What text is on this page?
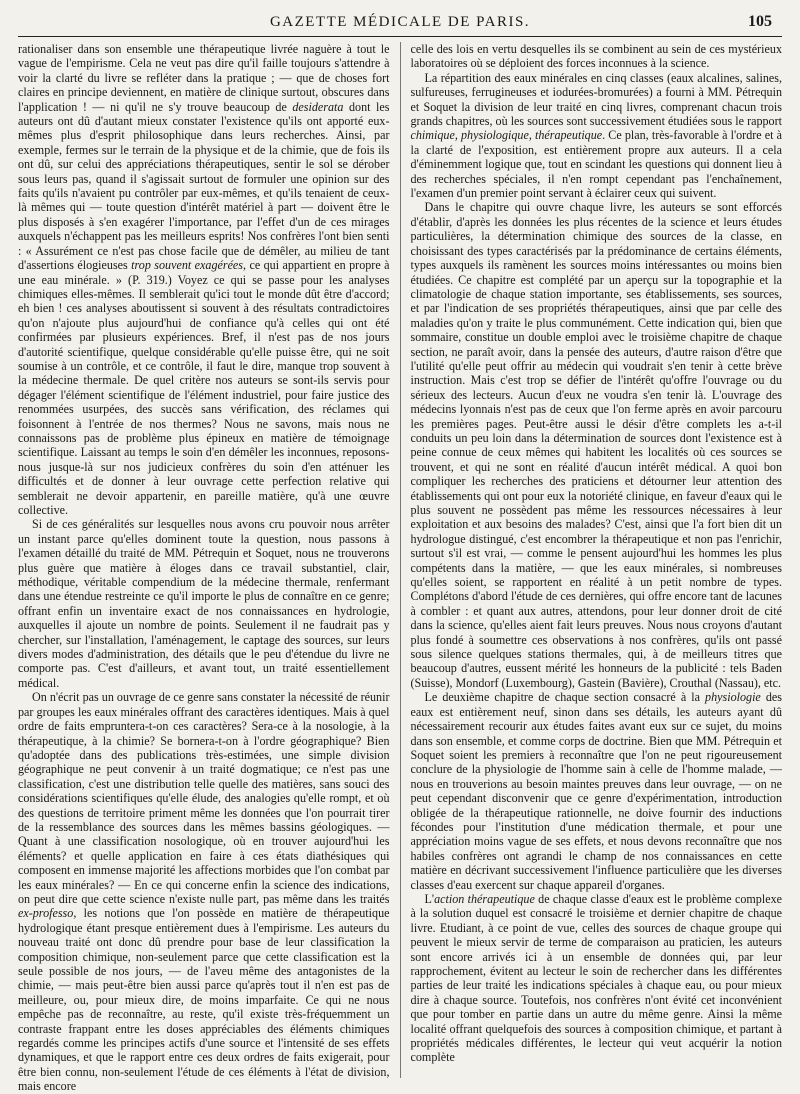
GAZETTE MÉDICALE DE PARIS.	105

rationaliser dans son ensemble une thérapeutique livrée naguère à tout le vague de l'empirisme. Cela ne veut pas dire qu'il faille toujours s'attendre à voir la clarté du livre se refléter dans la pratique ; — que de choses fort claires en principe deviennent, en matière de clinique surtout, obscures dans l'application ! — ni qu'il ne s'y trouve beaucoup de desiderata dont les auteurs ont dû d'autant mieux constater l'existence qu'ils ont apporté eux-mêmes plus d'esprit philosophique dans leurs recherches. Ainsi, par exemple, fermes sur le terrain de la physique et de la chimie, que de fois ils ont dû, sur celui des appréciations thérapeutiques, sentir le sol se dérober sous leurs pas, quand il s'agissait surtout de formuler une opinion sur des faits qu'ils n'avaient pu contrôler par eux-mêmes, et qu'ils tenaient de ceux-là mêmes qui — toute question d'intérêt matériel à part — doivent être le plus disposés à s'en exagérer l'importance, par l'effet d'un de ces mirages auxquels n'échappent pas les meilleurs esprits! Nos confrères l'ont bien senti : « Assurément ce n'est pas chose facile que de démêler, au milieu de tant d'assertions élogieuses trop souvent exagérées, ce qui appartient en propre à une eau minérale. » (P. 319.) Voyez ce qui se passe pour les analyses chimiques elles-mêmes. Il semblerait qu'ici tout le monde dût être d'accord; eh bien ! ces analyses aboutissent si souvent à des résultats contradictoires qu'on n'ajoute plus aujourd'hui de confiance qu'à celles qui ont été confirmées par plusieurs expériences. Bref, il n'est pas de nos jours d'autorité scientifique, quelque considérable qu'elle puisse être, qui ne soit soumise à un contrôle, et ce contrôle, il faut le dire, manque trop souvent à la médecine thermale. De quel critère nos auteurs se sont-ils servis pour dégager l'élément scientifique de l'élément industriel, pour faire justice des renommées usurpées, des succès sans vérification, des réclames qui foisonnent à l'entrée de nos thermes? Nous ne savons, mais nous ne connaissons pas de problème plus épineux en matière de témoignage scientifique. Laissant au temps le soin d'en démêler les inconnues, reposons-nous jusque-là sur nos judicieux confrères du soin d'en atténuer les difficultés et de donner à leur ouvrage cette perfection relative qui semblerait ne devoir appartenir, en pareille matière, qu'à une œuvre collective.

Si de ces généralités sur lesquelles nous avons cru pouvoir nous arrêter un instant parce qu'elles dominent toute la question, nous passons à l'examen détaillé du traité de MM. Pétrequin et Soquet, nous ne trouverons plus guère que matière à éloges dans ce travail substantiel, clair, méthodique, véritable compendium de la médecine thermale, renfermant dans une étendue restreinte ce qu'il importe le plus de connaître en ce genre; offrant enfin un inventaire exact de nos connaissances en hydrologie, auxquelles il ajoute un nombre de points. Seulement il ne faudrait pas y chercher, sur l'installation, l'aménagement, le captage des sources, sur leurs divers modes d'administration, des détails que le peu d'étendue du livre ne comporte pas. C'est d'ailleurs, et avant tout, un traité essentiellement médical.

On n'écrit pas un ouvrage de ce genre sans constater la nécessité de réunir par groupes les eaux minérales offrant des caractères identiques. Mais à quel ordre de faits emprunterа-t-on ces caractères? Sera-ce à la nosologie, à la thérapeutique, à la chimie? Se bornera-t-on à l'ordre géographique? Bien qu'adoptée dans des publications très-estimées, une simple division géographique ne peut convenir à un traité dogmatique; ce n'est pas une classification, c'est une distribution telle quelle des matières, sans souci des considérations scientifiques qu'elle élude, des analogies qu'elle rompt, et où des questions de territoire priment même les données que l'on pourrait tirer de la ressemblance des sources dans les mêmes bassins géologiques. — Quant à une classification nosologique, où en trouver aujourd'hui les éléments? et quelle application en faire à ces états diathésiques qui composent en immense majorité les affections morbides que l'on combat par les eaux minérales? — En ce qui concerne enfin la science des indications, on peut dire que cette science n'existe nulle part, pas même dans les traités ex-professo, les notions que l'on possède en matière de thérapeutique hydrologique étant presque entièrement dues à l'empirisme. Les auteurs du nouveau traité ont donc dû prendre pour base de leur classification la composition chimique, non-seulement parce que cette classification est la seule possible de nos jours, — de l'aveu même des antagonistes de la chimie, — mais peut-être bien aussi parce qu'après tout il n'en est pas de meilleure, ou, pour mieux dire, de moins imparfaite. Ce qui ne nous empêche pas de reconnaître, au reste, qu'il existe très-fréquemment un contraste frappant entre les doses appréciables des éléments chimiques regardés comme les principes actifs d'une source et l'intensité de ses effets dynamiques, et que le rapport entre ces deux ordres de faits exigerait, pour être bien connu, non-seulement l'étude de ces éléments à l'état de division, mais encore

celle des lois en vertu desquelles ils se combinent au sein de ces mystérieux laboratoires où se déploient des forces inconnues à la science.

La répartition des eaux minérales en cinq classes (eaux alcalines, salines, sulfureuses, ferrugineuses et iodurées-bromurées) a fourni à MM. Pétrequin et Soquet la division de leur traité en cinq livres, comprenant chacun trois grands chapitres, où les sources sont successivement étudiées sous le rapport chimique, physiologique, thérapeutique. Ce plan, très-favorable à l'ordre et à la clarté de l'exposition, est entièrement propre aux auteurs. Il a cela d'éminemment logique que, tout en scindant les questions qui donnent lieu à des recherches spéciales, il n'en rompt cependant pas l'enchaînement, l'examen d'un premier point servant à éclairer ceux qui suivent.

Dans le chapitre qui ouvre chaque livre, les auteurs se sont efforcés d'établir, d'après les données les plus récentes de la science et leurs études particulières, la détermination chimique des sources de la classe, en choisissant des types caractérisés par la prédominance de certains éléments, types auxquels ils ramènent les sources moins intéressantes ou moins bien étudiées. Ce chapitre est complété par un aperçu sur la topographie et la climatologie de chaque station importante, ses établissements, ses sources, et par l'indication de ses propriétés thérapeutiques, ainsi que par celle des maladies qu'on y traite le plus communément. Cette indication qui, bien que sommaire, constitue un double emploi avec le troisième chapitre de chaque section, ne paraît avoir, dans la pensée des auteurs, d'autre raison d'être que l'utilité qu'elle peut offrir au médecin qui voudrait s'en tenir à cette brève instruction. Mais c'est trop se défier de l'intérêt qu'offre l'ouvrage ou du sérieux des lecteurs. Aucun d'eux ne voudra s'en tenir là. L'ouvrage des médecins lyonnais n'est pas de ceux que l'on ferme après en avoir parcouru les premières pages. Peut-être aussi le désir d'être complets les a-t-il conduits un peu loin dans la détermination de sources dont l'existence est à peine connue de ceux mêmes qui habitent les localités où ces sources se trouvent, et qui ne sont en réalité d'aucun intérêt médical. A quoi bon compliquer les recherches des praticiens et détourner leur attention des établissements qui ont pour eux la notoriété clinique, en faveur d'eaux qui le plus souvent ne possèdent pas même les ressources nécessaires à leur exploitation et aux besoins des malades? C'est, ainsi que l'a fort bien dit un hydrologue distingué, c'est encombrer la thérapeutique et non pas l'enrichir, surtout s'il est vrai, — comme le pensent aujourd'hui les hommes les plus compétents dans la matière, — que les eaux minérales, si nombreuses qu'elles soient, se rapportent en réalité à un petit nombre de types. Complétons d'abord l'étude de ces dernières, qui offre encore tant de lacunes à combler : et quant aux autres, attendons, pour leur donner droit de cité dans la science, qu'elles aient fait leurs preuves. Nous nous croyons d'autant plus fondé à soumettre ces observations à nos confrères, qu'ils ont passé sous silence quelques stations thermales, qui, à de meilleurs titres que beaucoup d'autres, eussent mérité les honneurs de la publicité : tels Baden (Suisse), Mondorf (Luxembourg), Gastein (Bavière), Crouthal (Nassau), etc.

Le deuxième chapitre de chaque section consacré à la physiologie des eaux est entièrement neuf, sinon dans ses détails, les auteurs ayant dû nécessairement recourir aux études faites avant eux sur ce sujet, du moins dans son ensemble, et comme corps de doctrine. Bien que MM. Pétrequin et Soquet soient les premiers à reconnaître que l'on ne peut rigoureusement conclure de la physiologie de l'homme sain à celle de l'homme malade, — nous en trouverions au besoin maintes preuves dans leur ouvrage, — on ne peut cependant disconvenir que ce genre d'expérimentation, introduction obligée de la thérapeutique rationnelle, ne doive fournir des inductions fécondes pour l'institution d'une médication thermale, et pour une appréciation moins vague de ses effets, et nous devons reconnaître que nos habiles confrères ont agrandi le champ de nos connaissances en cette matière en décrivant successivement l'influence particulière que les diverses classes d'eau exercent sur chaque appareil d'organes.

L'action thérapeutique de chaque classe d'eaux est le problème complexe à la solution duquel est consacré le troisième et dernier chapitre de chaque livre. Etudiant, à ce point de vue, celles des sources de chaque groupe qui peuvent le mieux servir de terme de comparaison au praticien, les auteurs sont encore arrivés ici à un ensemble de données qui, par leur rapprochement, évitent au lecteur le soin de rechercher dans les différentes parties de leur traité les indications spéciales à chaque eau, ou pour mieux dire à chaque source. Toutefois, nos confrères n'ont évité cet inconvénient que pour tomber en partie dans un autre du même genre. Ainsi la même localité offrant quelquefois des sources à composition chimique, et partant à propriétés médicales différentes, le lecteur qui veut acquérir la notion complète
